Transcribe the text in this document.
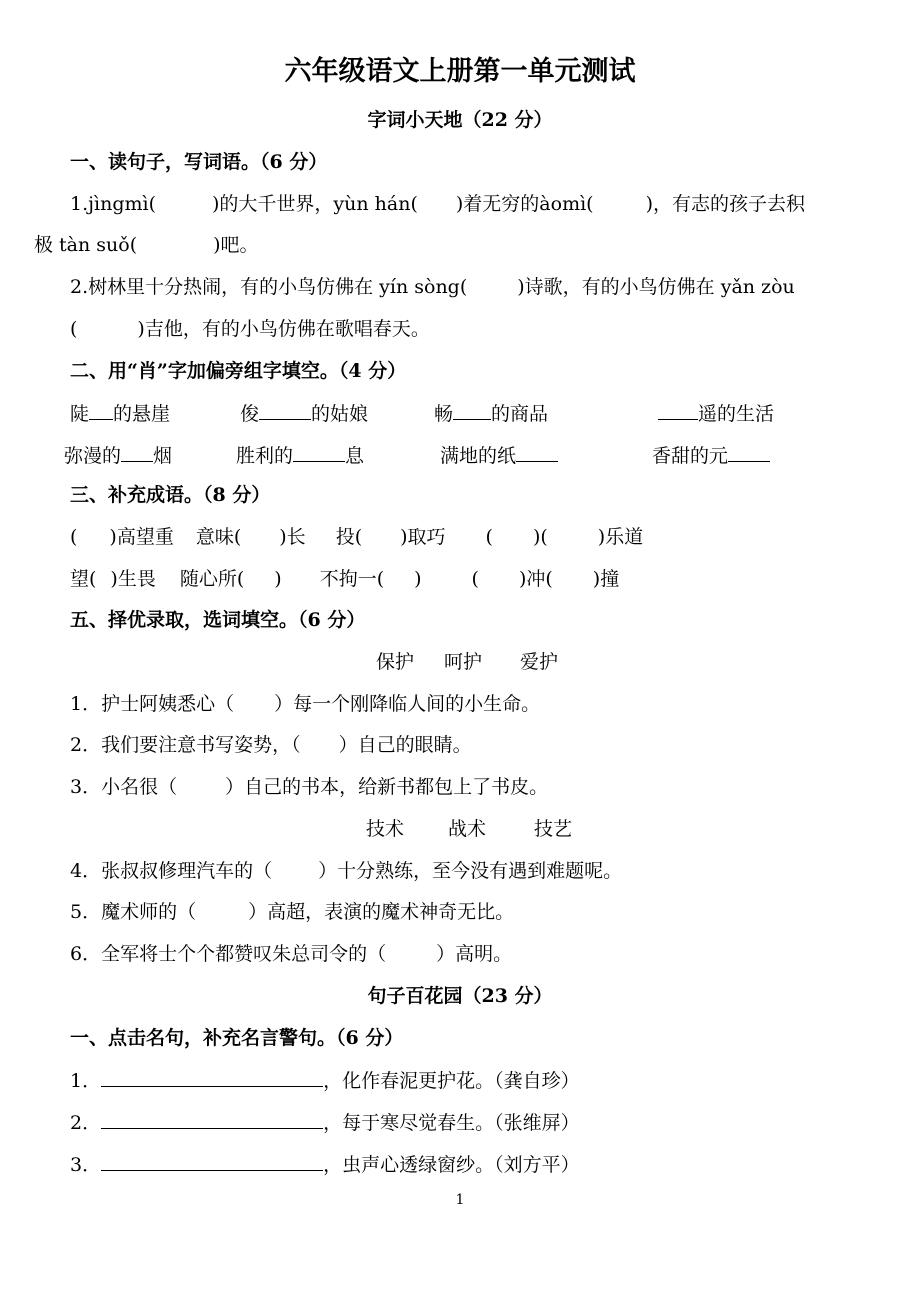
六年级语文上册第一单元测试
字词小天地（22 分）
一、读句子，写词语。（6 分）
1.jìngmì(	)的大千世界，yùn hán( )着无穷的àomì(	)，有志的孩子去积
极 tàn suǒ(	)吧。
2.树林里十分热闹，有的小鸟仿佛在 yín sòng(	)诗歌，有的小鸟仿佛在 yǎn zòu
(	)吉他，有的小鸟仿佛在歌唱春天。
二、用“肖”字加偏旁组字填空。（4 分）
陡 的悬崖	俊	的姑娘	畅 的商品	遥的生活
弥漫的 烟	胜利的	息	满地的纸	香甜的元
三、补充成语。（8 分）
( )高望重 意味( )长 投( )取巧 ( )(	)乐道
望( )生畏 随心所( ) 不拘一( )	( )冲( )撞
五、择优录取，选词填空。（6 分）
保护 呵护 爱护
1．护士阿姨悉心（ ）每一个刚降临人间的小生命。
2．我们要注意书写姿势，（ ）自己的眼睛。
3．小名很（	）自己的书本，给新书都包上了书皮。
技术 战术	技艺
4．张叔叔修理汽车的（ ）十分熟练，至今没有遇到难题呢。
5．魔术师的（	）高超，表演的魔术神奇无比。
6．全军将士个个都赞叹朱总司令的（	）高明。
句子百花园（23 分）
一、点击名句，补充名言警句。（6 分）
1．	，化作春泥更护花。（龚自珍）
2．	，每于寒尽觉春生。（张维屏）
3．	，虫声心透绿窗纱。（刘方平）
1
